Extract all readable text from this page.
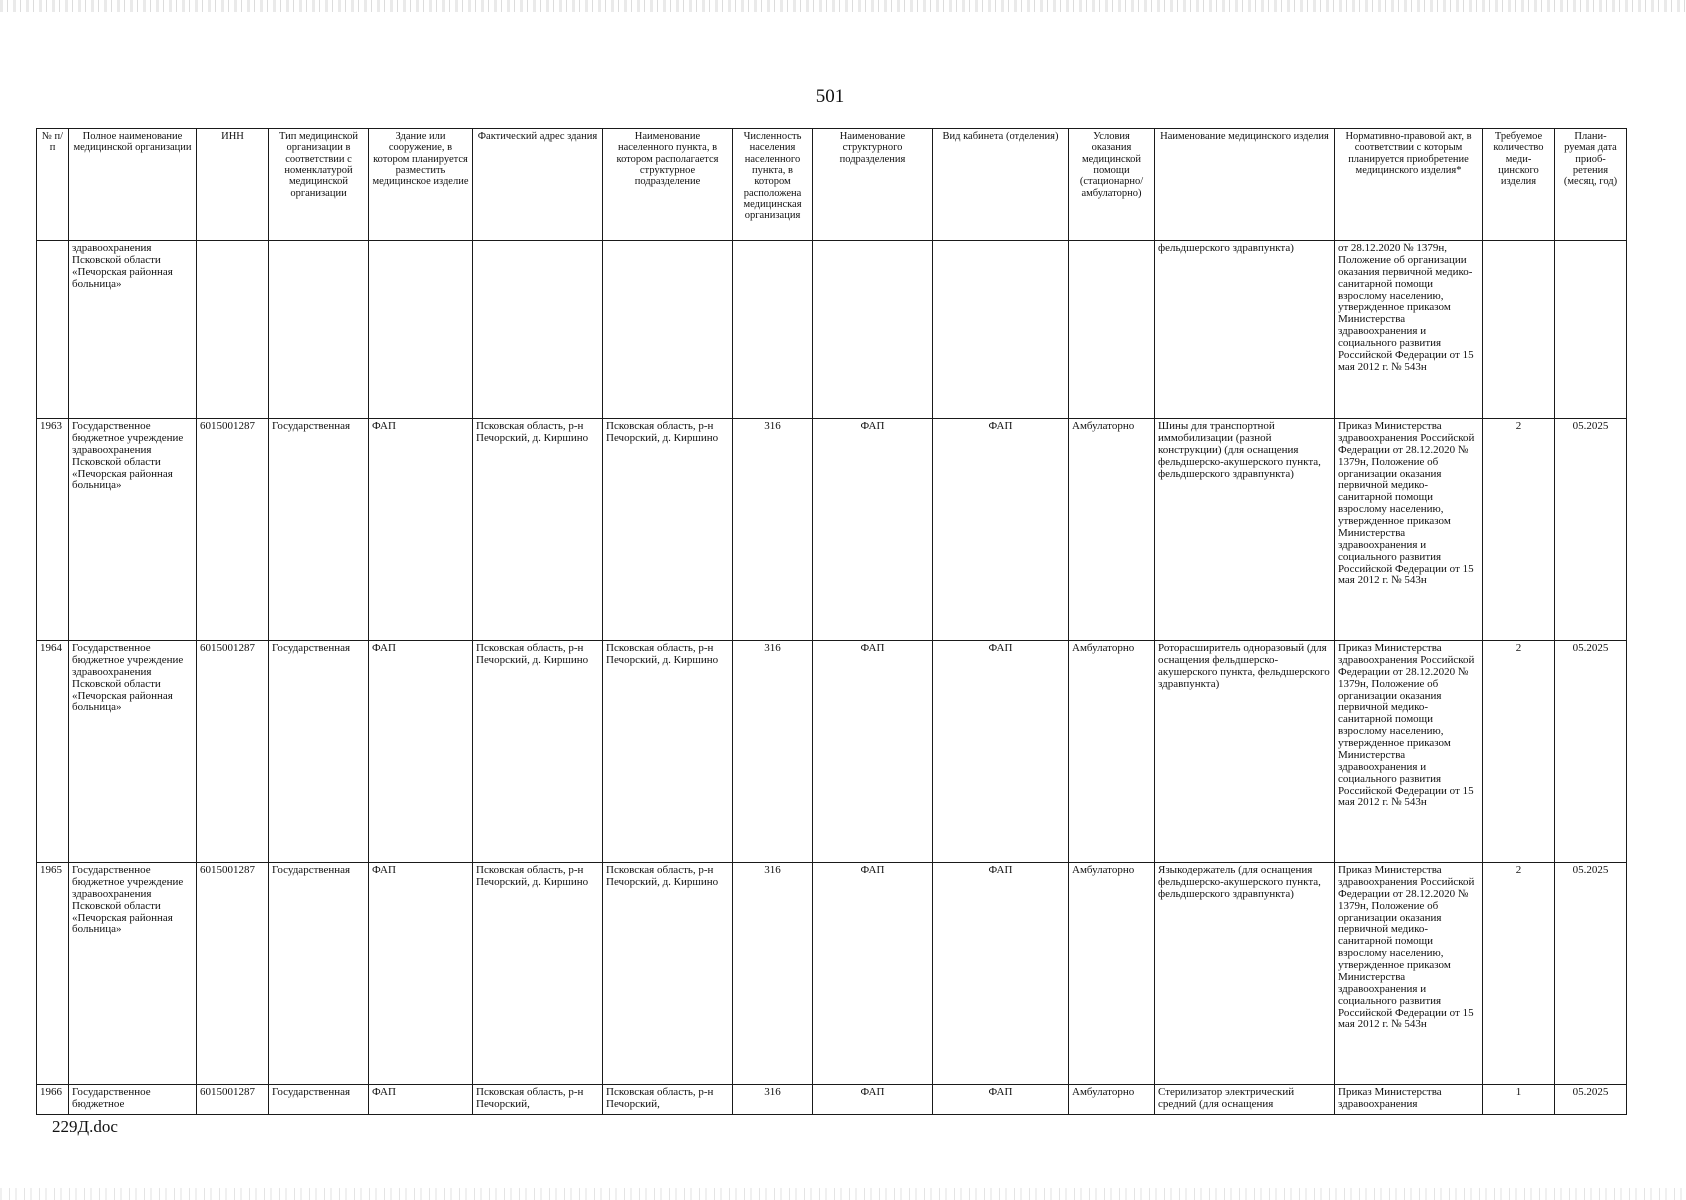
501
№ п/п	Полное наименование медицинской организации	ИНН	Тип медицинской организации в соответствии с номенклатурой медицинской организации	Здание или сооружение, в котором планируется разместить медицинское изделие	Фактический адрес здания	Наименование населенного пункта, в котором располагается структурное подразделение	Численность населения населенного пункта, в котором расположена медицинская организация	Наименование структурного подразделения	Вид кабинета (отделения)	Условия оказания медицинской помощи (стационарно/ амбулаторно)	Наименование медицинского изделия	Нормативно-правовой акт, в соответствии с которым планируется приобретение медицинского изделия*	Требуемое количество меди- цинского изделия	Плани- руемая дата приоб- ретения (месяц, год)
	здравоохранения Псковской области «Печорская районная больница»										фельдшерского здравпункта)	от 28.12.2020 № 1379н, Положение об организации оказания первичной медико-санитарной помощи взрослому населению, утвержденное приказом Министерства здравоохранения и социального развития Российской Федерации от 15 мая 2012 г. № 543н		
1963	Государственное бюджетное учреждение здравоохранения Псковской области «Печорская районная больница»	6015001287	Государственная	ФАП	Псковская область, р-н Печорский, д. Киршино	Псковская область, р-н Печорский, д. Киршино	316	ФАП	ФАП	Амбулаторно	Шины для транспортной иммобилизации (разной конструкции) (для оснащения фельдшерско-акушерского пункта, фельдшерского здравпункта)	Приказ Министерства здравоохранения Российской Федерации от 28.12.2020 № 1379н, Положение об организации оказания первичной медико-санитарной помощи взрослому населению, утвержденное приказом Министерства здравоохранения и социального развития Российской Федерации от 15 мая 2012 г. № 543н	2	05.2025
1964	Государственное бюджетное учреждение здравоохранения Псковской области «Печорская районная больница»	6015001287	Государственная	ФАП	Псковская область, р-н Печорский, д. Киршино	Псковская область, р-н Печорский, д. Киршино	316	ФАП	ФАП	Амбулаторно	Роторасширитель одноразовый (для оснащения фельдшерско-акушерского пункта, фельдшерского здравпункта)	Приказ Министерства здравоохранения Российской Федерации от 28.12.2020 № 1379н, Положение об организации оказания первичной медико-санитарной помощи взрослому населению, утвержденное приказом Министерства здравоохранения и социального развития Российской Федерации от 15 мая 2012 г. № 543н	2	05.2025
1965	Государственное бюджетное учреждение здравоохранения Псковской области «Печорская районная больница»	6015001287	Государственная	ФАП	Псковская область, р-н Печорский, д. Киршино	Псковская область, р-н Печорский, д. Киршино	316	ФАП	ФАП	Амбулаторно	Языкодержатель (для оснащения фельдшерско-акушерского пункта, фельдшерского здравпункта)	Приказ Министерства здравоохранения Российской Федерации от 28.12.2020 № 1379н, Положение об организации оказания первичной медико-санитарной помощи взрослому населению, утвержденное приказом Министерства здравоохранения и социального развития Российской Федерации от 15 мая 2012 г. № 543н	2	05.2025
1966	Государственное бюджетное	6015001287	Государственная	ФАП	Псковская область, р-н Печорский,	Псковская область, р-н Печорский,	316	ФАП	ФАП	Амбулаторно	Стерилизатор электрический средний (для оснащения	Приказ Министерства здравоохранения	1	05.2025
229Д.doc
